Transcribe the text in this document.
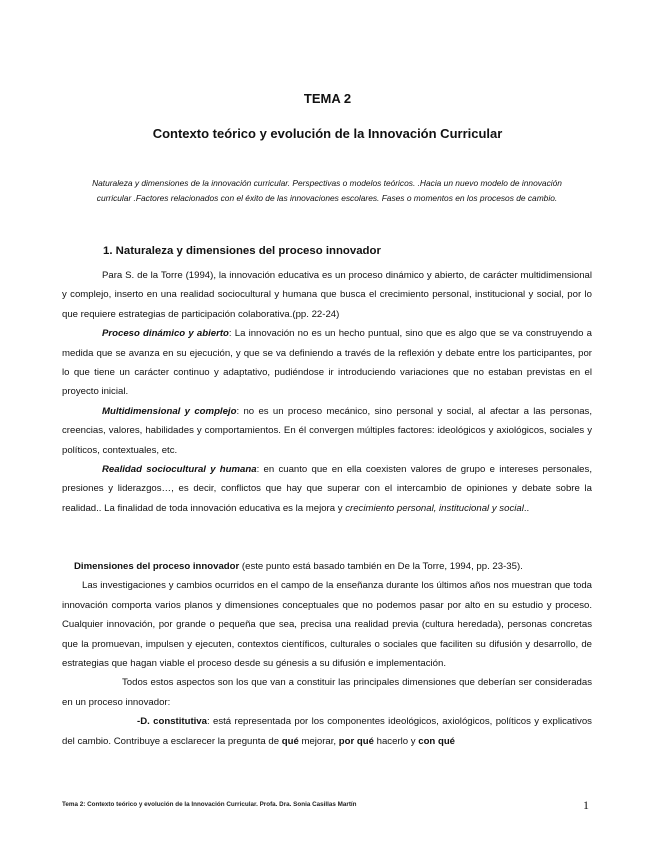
TEMA 2
Contexto teórico y evolución de la Innovación Curricular
Naturaleza y dimensiones de la innovación curricular. Perspectivas o modelos teóricos. .Hacia un nuevo modelo de innovación curricular .Factores relacionados con el éxito de las innovaciones escolares. Fases o momentos en los procesos de cambio.
1. Naturaleza y dimensiones del proceso innovador

Para S. de la Torre (1994), la innovación educativa es un proceso dinámico y abierto, de carácter multidimensional y complejo, inserto en una realidad sociocultural y humana que busca el crecimiento personal, institucional y social, por lo que requiere estrategias de participación colaborativa.(pp. 22-24)

Proceso dinámico y abierto: La innovación no es un hecho puntual, sino que es algo que se va construyendo a medida que se avanza en su ejecución, y que se va definiendo a través de la reflexión y debate entre los participantes, por lo que tiene un carácter continuo y adaptativo, pudiéndose ir introduciendo variaciones que no estaban previstas en el proyecto inicial.

Multidimensional y complejo: no es un proceso mecánico, sino personal y social, al afectar a las personas, creencias, valores, habilidades y comportamientos. En él convergen múltiples factores: ideológicos y axiológicos, sociales y políticos, contextuales, etc.

Realidad sociocultural y humana: en cuanto que en ella coexisten valores de grupo e intereses personales, presiones y liderazgos…, es decir, conflictos que hay que superar con el intercambio de opiniones y debate sobre la realidad.. La finalidad de toda innovación educativa es la mejora y crecimiento personal, institucional y social..

Dimensiones del proceso innovador (este punto está basado también en De la Torre, 1994, pp. 23-35).

Las investigaciones y cambios ocurridos en el campo de la enseñanza durante los últimos años nos muestran que toda innovación comporta varios planos y dimensiones conceptuales que no podemos pasar por alto en su estudio y proceso. Cualquier innovación, por grande o pequeña que sea, precisa una realidad previa (cultura heredada), personas concretas que la promuevan, impulsen y ejecuten, contextos científicos, culturales o sociales que faciliten su difusión y desarrollo, de estrategias que hagan viable el proceso desde su génesis a su difusión e implementación.

Todos estos aspectos son los que van a constituir las principales dimensiones que deberían ser consideradas en un proceso innovador:

-D. constitutiva: está representada por los componentes ideológicos, axiológicos, políticos y explicativos del cambio. Contribuye a esclarecer la pregunta de qué mejorar, por qué hacerlo y con qué

Tema 2: Contexto teórico y evolución de la Innovación Curricular. Profa. Dra. Sonia Casillas Martín	1
